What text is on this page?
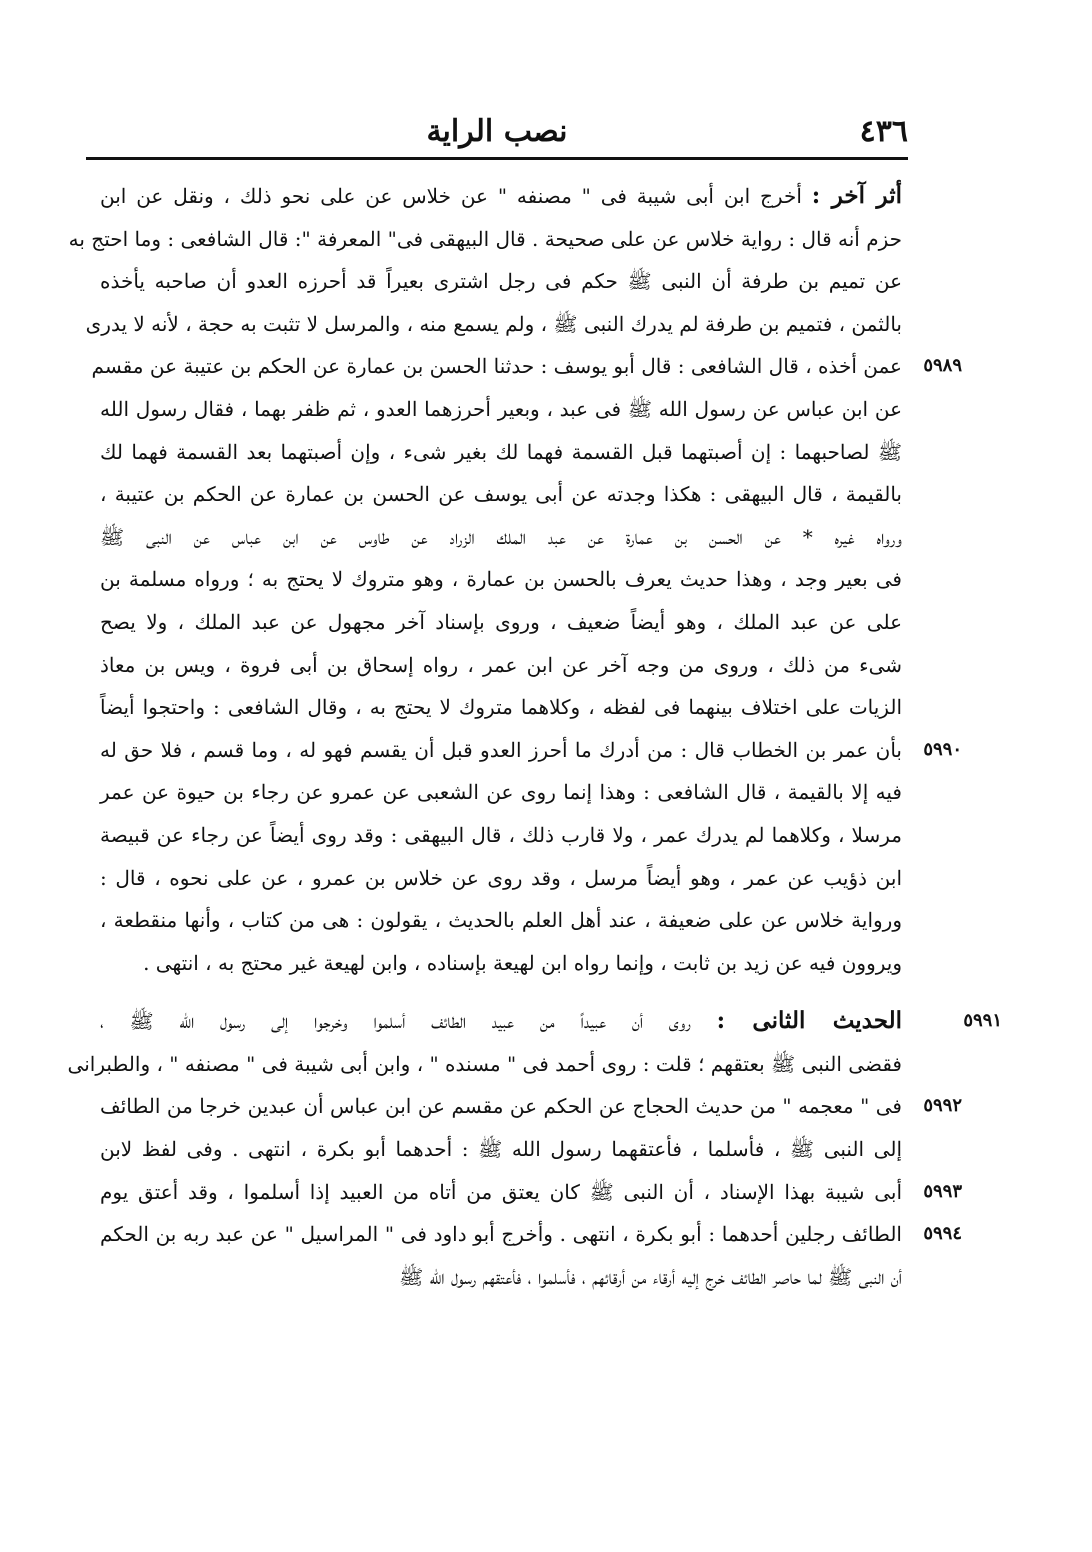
٤٣٦
نصب الراية
أثر آخر : أخرج ابن أبى شيبة فى " مصنفه " عن خلاس عن على نحو ذلك ، ونقل عن ابن
حزم أنه قال : رواية خلاس عن على صحيحة . قال البيهقى فى" المعرفة ": قال الشافعى : وما احتج به
عن تميم بن طرفة أن النبى ﷺ حكم فى رجل اشترى بعيراً قد أحرزه العدو أن صاحبه يأخذه
بالثمن ، فتميم بن طرفة لم يدرك النبى ﷺ ، ولم يسمع منه ، والمرسل لا تثبت به حجة ، لأنه لا يدرى
٥٩٨٩
عمن أخذه ، قال الشافعى : قال أبو يوسف : حدثنا الحسن بن عمارة عن الحكم بن عتيبة عن مقسم
عن ابن عباس عن رسول الله ﷺ فى عبد ، وبعير أحرزهما العدو ، ثم ظفر بهما ، فقال رسول الله
ﷺ لصاحبهما : إن أصبتهما قبل القسمة فهما لك بغير شىء ، وإن أصبتهما بعد القسمة فهما لك
بالقيمة ، قال البيهقى : هكذا وجدته عن أبى يوسف عن الحسن بن عمارة عن الحكم بن عتيبة ،
ورواه غيره * عن الحسن بن عمارة عن عبد الملك الزراد عن طاوس عن ابن عباس عن النبى ﷺ
فى بعير وجد ، وهذا حديث يعرف بالحسن بن عمارة ، وهو متروك لا يحتج به ؛ ورواه مسلمة بن
على عن عبد الملك ، وهو أيضاً ضعيف ، وروى بإسناد آخر مجهول عن عبد الملك ، ولا يصح
شىء من ذلك ، وروى من وجه آخر عن ابن عمر ، رواه إسحاق بن أبى فروة ، ويس بن معاذ
الزيات على اختلاف بينهما فى لفظه ، وكلاهما متروك لا يحتج به ، وقال الشافعى : واحتجوا أيضاً
٥٩٩٠
بأن عمر بن الخطاب قال : من أدرك ما أحرز العدو قبل أن يقسم فهو له ، وما قسم ، فلا حق له
فيه إلا بالقيمة ، قال الشافعى : وهذا إنما روى عن الشعبى عن عمرو عن رجاء بن حيوة عن عمر
مرسلا ، وكلاهما لم يدرك عمر ، ولا قارب ذلك ، قال البيهقى : وقد روى أيضاً عن رجاء عن قبيصة
ابن ذؤيب عن عمر ، وهو أيضاً مرسل ، وقد روى عن خلاس بن عمرو ، عن على نحوه ، قال :
ورواية خلاس عن على ضعيفة ، عند أهل العلم بالحديث ، يقولون : هى من كتاب ، وأنها منقطعة ،
ويروون فيه عن زيد بن ثابت ، وإنما رواه ابن لهيعة بإسناده ، وابن لهيعة غير محتج به ، انتهى .
٥٩٩١
الحديث الثانى : روى أن عبيداً من عبيد الطائف أسلموا وخرجوا إلى رسول الله ﷺ ،
فقضى النبى ﷺ بعتقهم ؛ قلت : روى أحمد فى " مسنده " ، وابن أبى شيبة فى " مصنفه " ، والطبرانى
٥٩٩٢
فى " معجمه " من حديث الحجاج عن الحكم عن مقسم عن ابن عباس أن عبدين خرجا من الطائف
إلى النبى ﷺ ، فأسلما ، فأعتقهما رسول الله ﷺ : أحدهما أبو بكرة ، انتهى . وفى لفظ لابن
٥٩٩٣
أبى شيبة بهذا الإسناد ، أن النبى ﷺ كان يعتق من أتاه من العبيد إذا أسلموا ، وقد أعتق يوم
٥٩٩٤
الطائف رجلين أحدهما : أبو بكرة ، انتهى . وأخرج أبو داود فى " المراسيل " عن عبد ربه بن الحكم
أن النبى ﷺ لما حاصر الطائف خرج إليه أرقاء من أرقائهم ، فأسلموا ، فأعتقهم رسول الله ﷺ
